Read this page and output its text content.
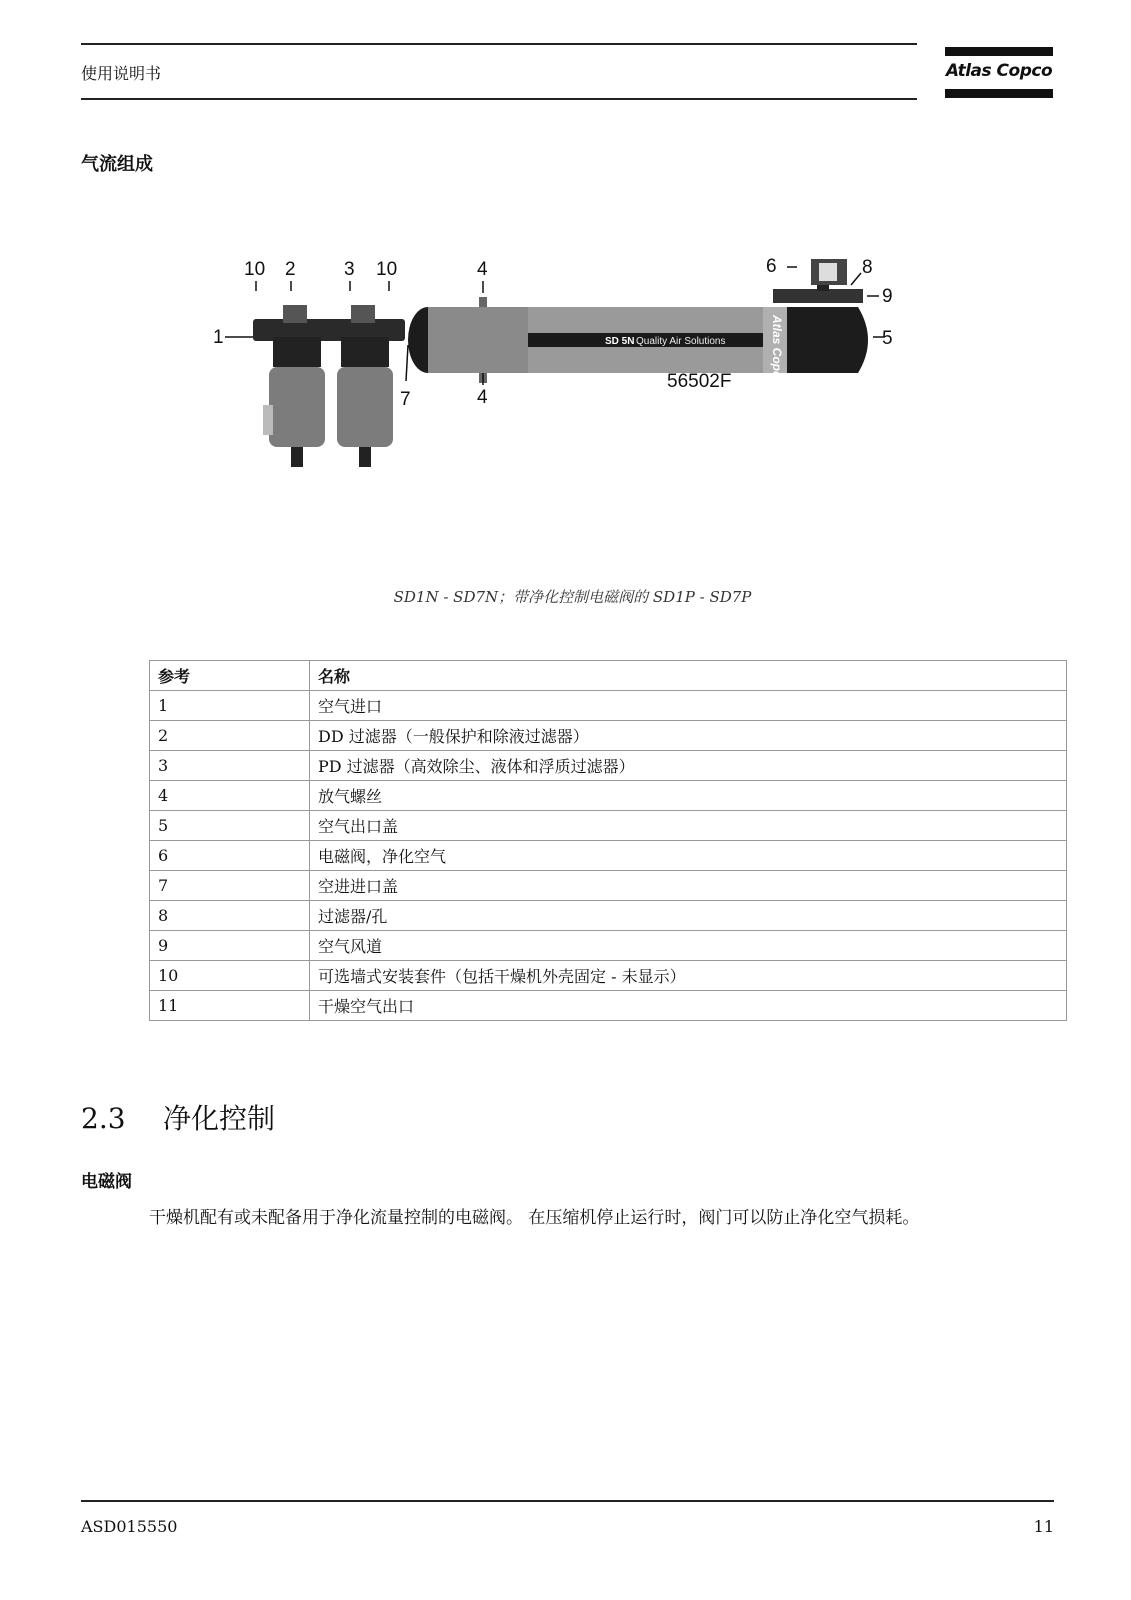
使用说明书	Atlas Copco
气流组成
SD 5N Quality Air Solutions	Atlas Copco
10 2	3 10	4	6	8
9
1	5
7	4
56502F
SD1N - SD7N；带净化控制电磁阀的 SD1P - SD7P
参考	名称
1	空气进口
2	DD 过滤器（一般保护和除液过滤器）
3	PD 过滤器（高效除尘、液体和浮质过滤器）
4	放气螺丝
5	空气出口盖
6	电磁阀，净化空气
7	空进进口盖
8	过滤器/孔
9	空气风道
10	可选墙式安装套件（包括干燥机外壳固定 - 未显示）
11	干燥空气出口
2.3 净化控制
电磁阀
干燥机配有或未配备用于净化流量控制的电磁阀。 在压缩机停止运行时，阀门可以防止净化空气损耗。
ASD015550	11
